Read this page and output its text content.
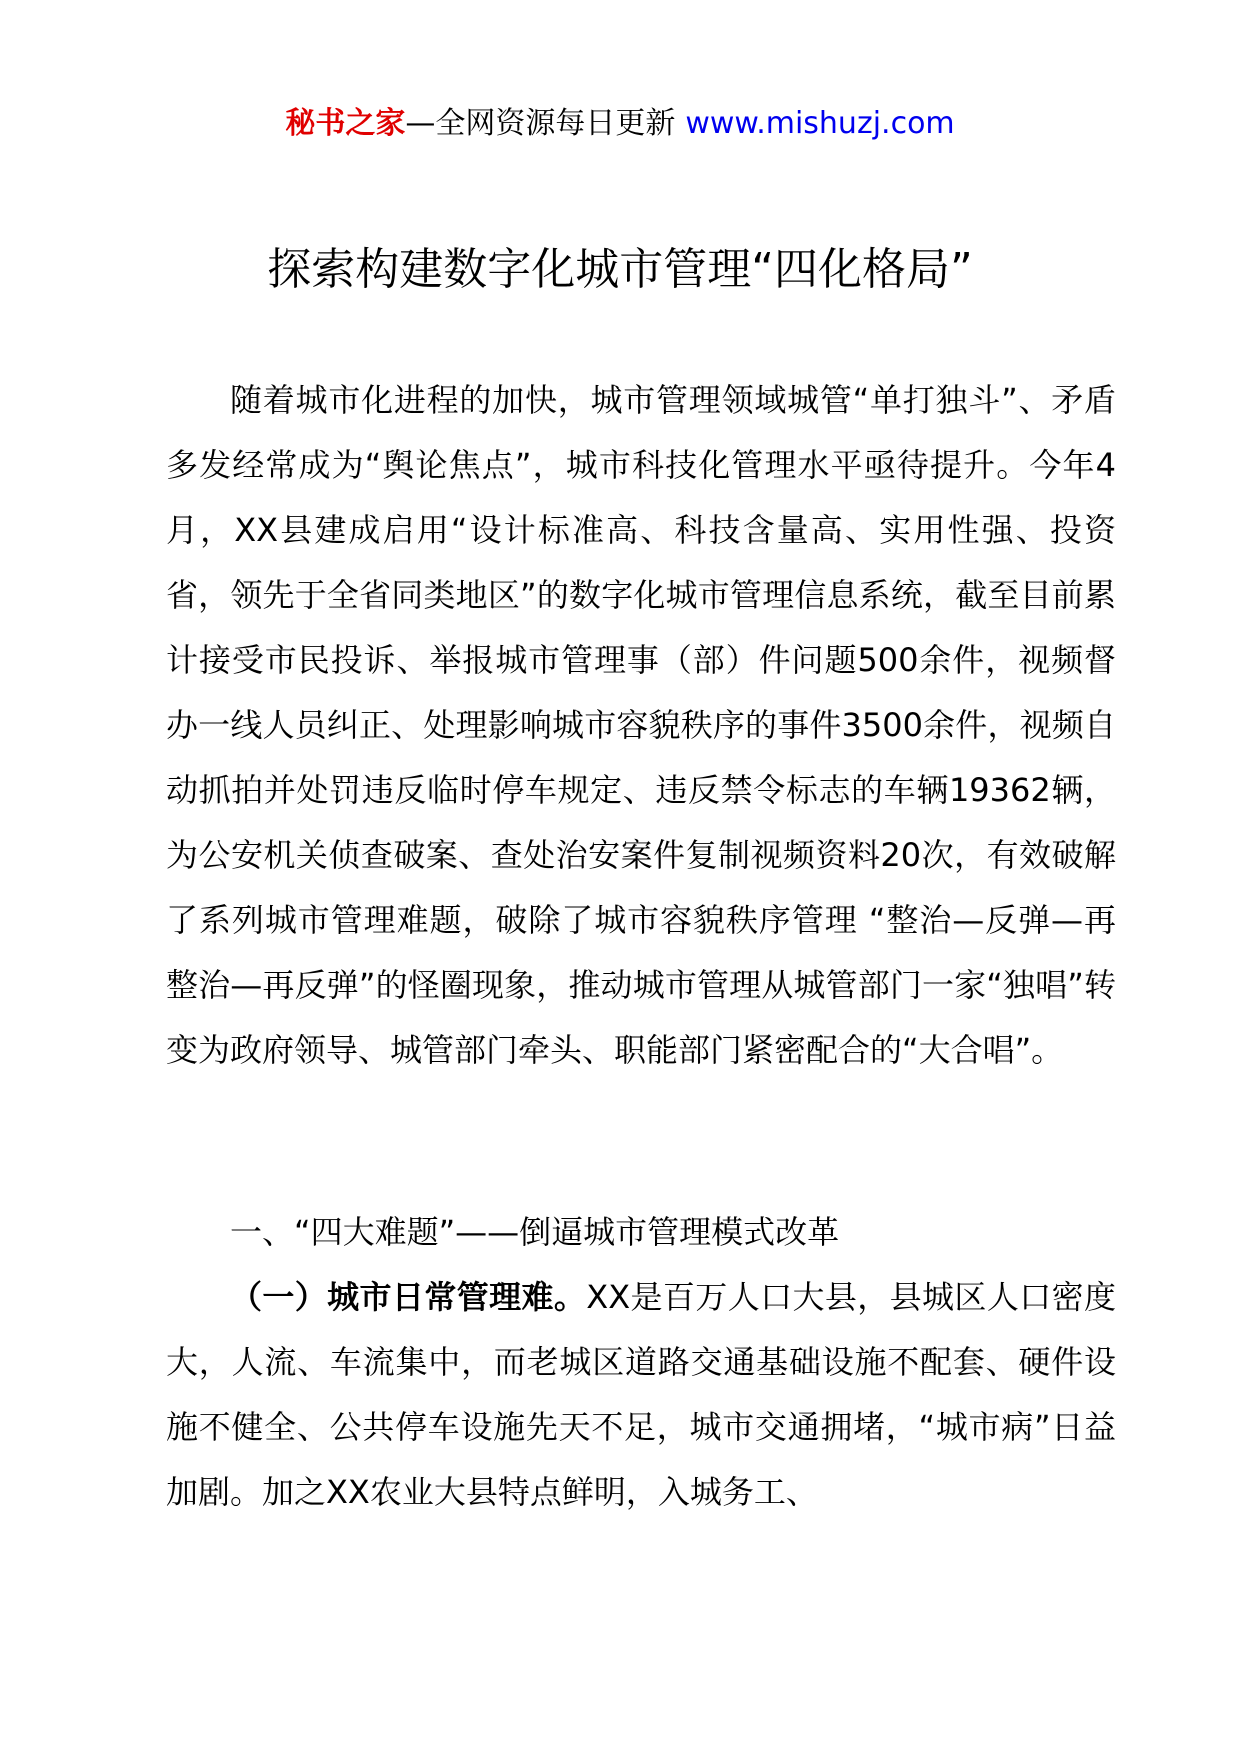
秘书之家—全网资源每日更新 www.mishuzj.com
探索构建数字化城市管理“四化格局”

随着城市化进程的加快，城市管理领域城管“单打独斗”、矛盾多发经常成为“舆论焦点”，城市科技化管理水平亟待提升。今年4月，XX县建成启用“设计标准高、科技含量高、实用性强、投资省，领先于全省同类地区”的数字化城市管理信息系统，截至目前累计接受市民投诉、举报城市管理事（部）件问题500余件，视频督办一线人员纠正、处理影响城市容貌秩序的事件3500余件，视频自动抓拍并处罚违反临时停车规定、违反禁令标志的车辆19362辆，为公安机关侦查破案、查处治安案件复制视频资料20次，有效破解了系列城市管理难题，破除了城市容貌秩序管理 “整治—反弹—再整治—再反弹”的怪圈现象，推动城市管理从城管部门一家“独唱”转变为政府领导、城管部门牵头、职能部门紧密配合的“大合唱”。

一、“四大难题”——倒逼城市管理模式改革

（一）城市日常管理难。XX是百万人口大县，县城区人口密度大，人流、车流集中，而老城区道路交通基础设施不配套、硬件设施不健全、公共停车设施先天不足，城市交通拥堵，“城市病”日益加剧。加之XX农业大县特点鲜明，入城务工、
